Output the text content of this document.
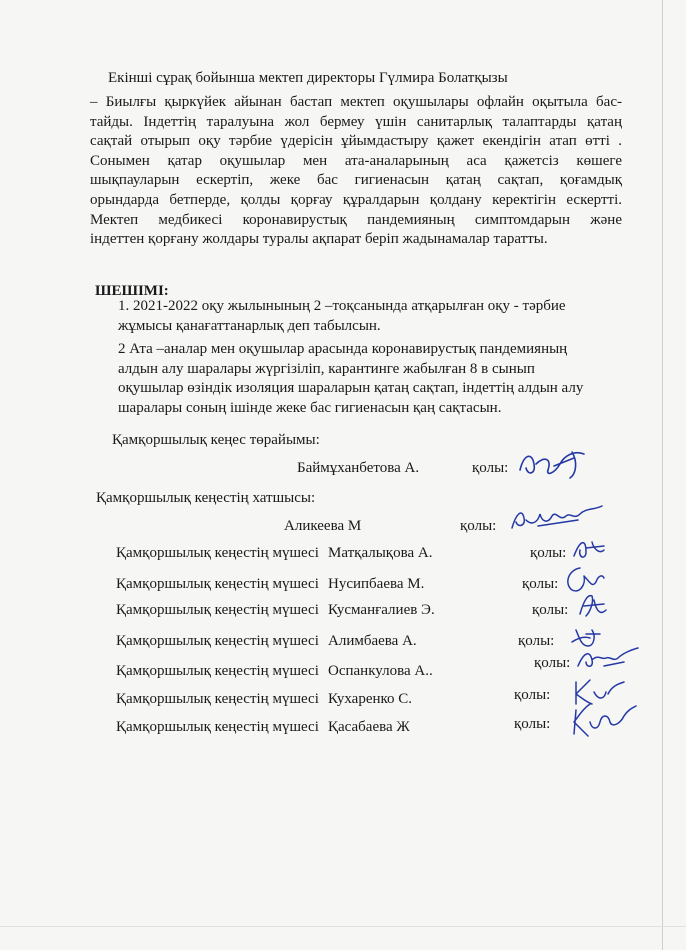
Екінші сұрақ бойынша мектеп директоры Гүлмира Болатқызы
– Биылғы қыркүйек айынан бастап мектеп оқушылары офлайн оқытыла бас-
тайды. Індеттің таралуына жол бермеу үшін санитарлық талаптарды қатаң
сақтай отырып оқу тәрбие үдерісін ұйымдастыру қажет екендігін атап өтті .
Сонымен қатар оқушылар мен ата-аналарының аса қажетсіз көшеге
шықпауларын ескертіп, жеке бас гигиенасын қатаң сақтап, қоғамдық
орындарда бетперде, қолды қорғау құралдарын қолдану керектігін ескертті.
Мектеп медбикесі коронавирустық пандемияның симптомдарын және
індеттен қорғану жолдары туралы ақпарат беріп жадынамалар таратты.
ШЕШІМІ:
1. 2021-2022 оқу жылынының 2 –тоқсанында атқарылған оқу - тәрбие
жұмысы қанағаттанарлық деп табылсын.
2 Ата –аналар мен оқушылар арасында коронавирустық пандемияның
алдын алу шаралары жүргізіліп, карантинге жабылған 8 в сынып
оқушылар өзіндік изоляция шараларын қатаң сақтап, індеттің алдын алу
шаралары соның ішінде жеке бас гигиенасын қаң сақтасын.
Қамқоршылық кеңес төрайымы:
Баймұханбетова А.	қолы:
Қамқоршылық кеңестің хатшысы:
Аликеева М	қолы:
Қамқоршылық кеңестің мүшесі Матқалықова А.	қолы:
Қамқоршылық кеңестің мүшесі Нусипбаева М.	қолы:
Қамқоршылық кеңестің мүшесі Кусманғалиев Э.	қолы:
Қамқоршылық кеңестің мүшесі Алимбаева А.	қолы:
Қамқоршылық кеңестің мүшесі Оспанкулова А..	қолы:
Қамқоршылық кеңестің мүшесі Кухаренко С.	қолы:
Қамқоршылық кеңестің мүшесі Қасабаева Ж	қолы:
